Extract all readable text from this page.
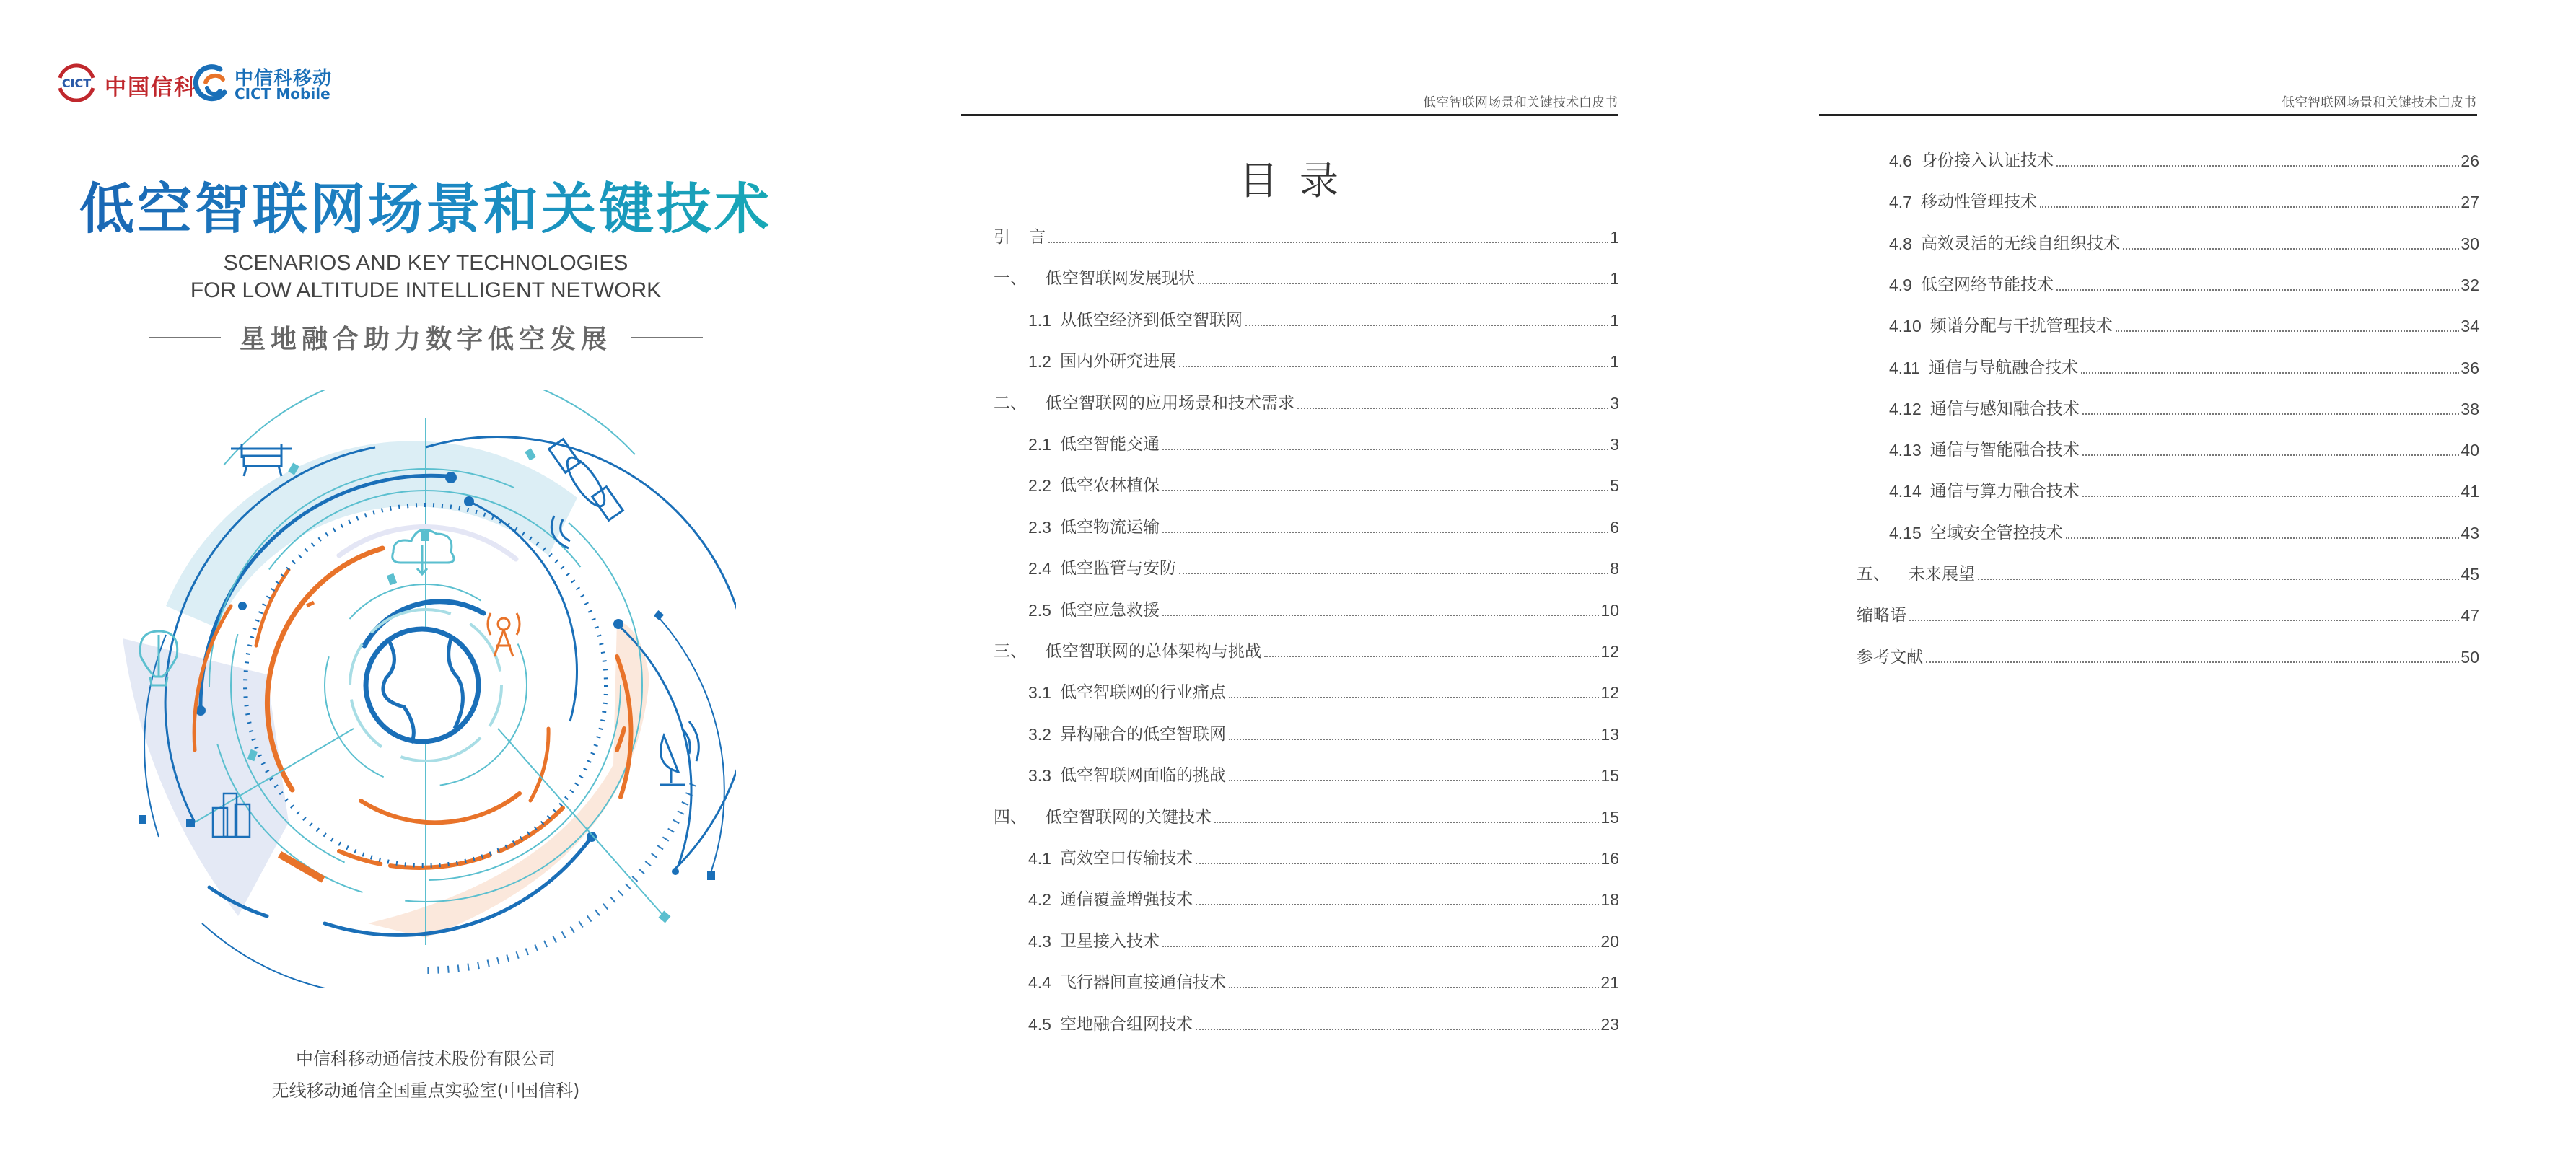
CICT 中国信科 中信科移动
CICT Mobile
低空智联网场景和关键技术
SCENARIOS AND KEY TECHNOLOGIES
FOR LOW ALTITUDE INTELLIGENT NETWORK
星地融合助力数字低空发展
中信科移动通信技术股份有限公司
无线移动通信全国重点实验室(中国信科)
低空智联网场景和关键技术白皮书
目录
引 言	1
一、 低空智联网发展现状	1
1.1 从低空经济到低空智联网	1
1.2 国内外研究进展	1
二、 低空智联网的应用场景和技术需求	3
2.1 低空智能交通	3
2.2 低空农林植保	5
2.3 低空物流运输	6
2.4 低空监管与安防	8
2.5 低空应急救援	10
三、 低空智联网的总体架构与挑战	12
3.1 低空智联网的行业痛点	12
3.2 异构融合的低空智联网	13
3.3 低空智联网面临的挑战	15
四、 低空智联网的关键技术	15
4.1 高效空口传输技术	16
4.2 通信覆盖增强技术	18
4.3 卫星接入技术	20
4.4 飞行器间直接通信技术	21
4.5 空地融合组网技术	23
低空智联网场景和关键技术白皮书
4.6 身份接入认证技术	26
4.7 移动性管理技术	27
4.8 高效灵活的无线自组织技术	30
4.9 低空网络节能技术	32
4.10 频谱分配与干扰管理技术	34
4.11 通信与导航融合技术	36
4.12 通信与感知融合技术	38
4.13 通信与智能融合技术	40
4.14 通信与算力融合技术	41
4.15 空域安全管控技术	43
五、 未来展望	45
缩略语	47
参考文献	50
